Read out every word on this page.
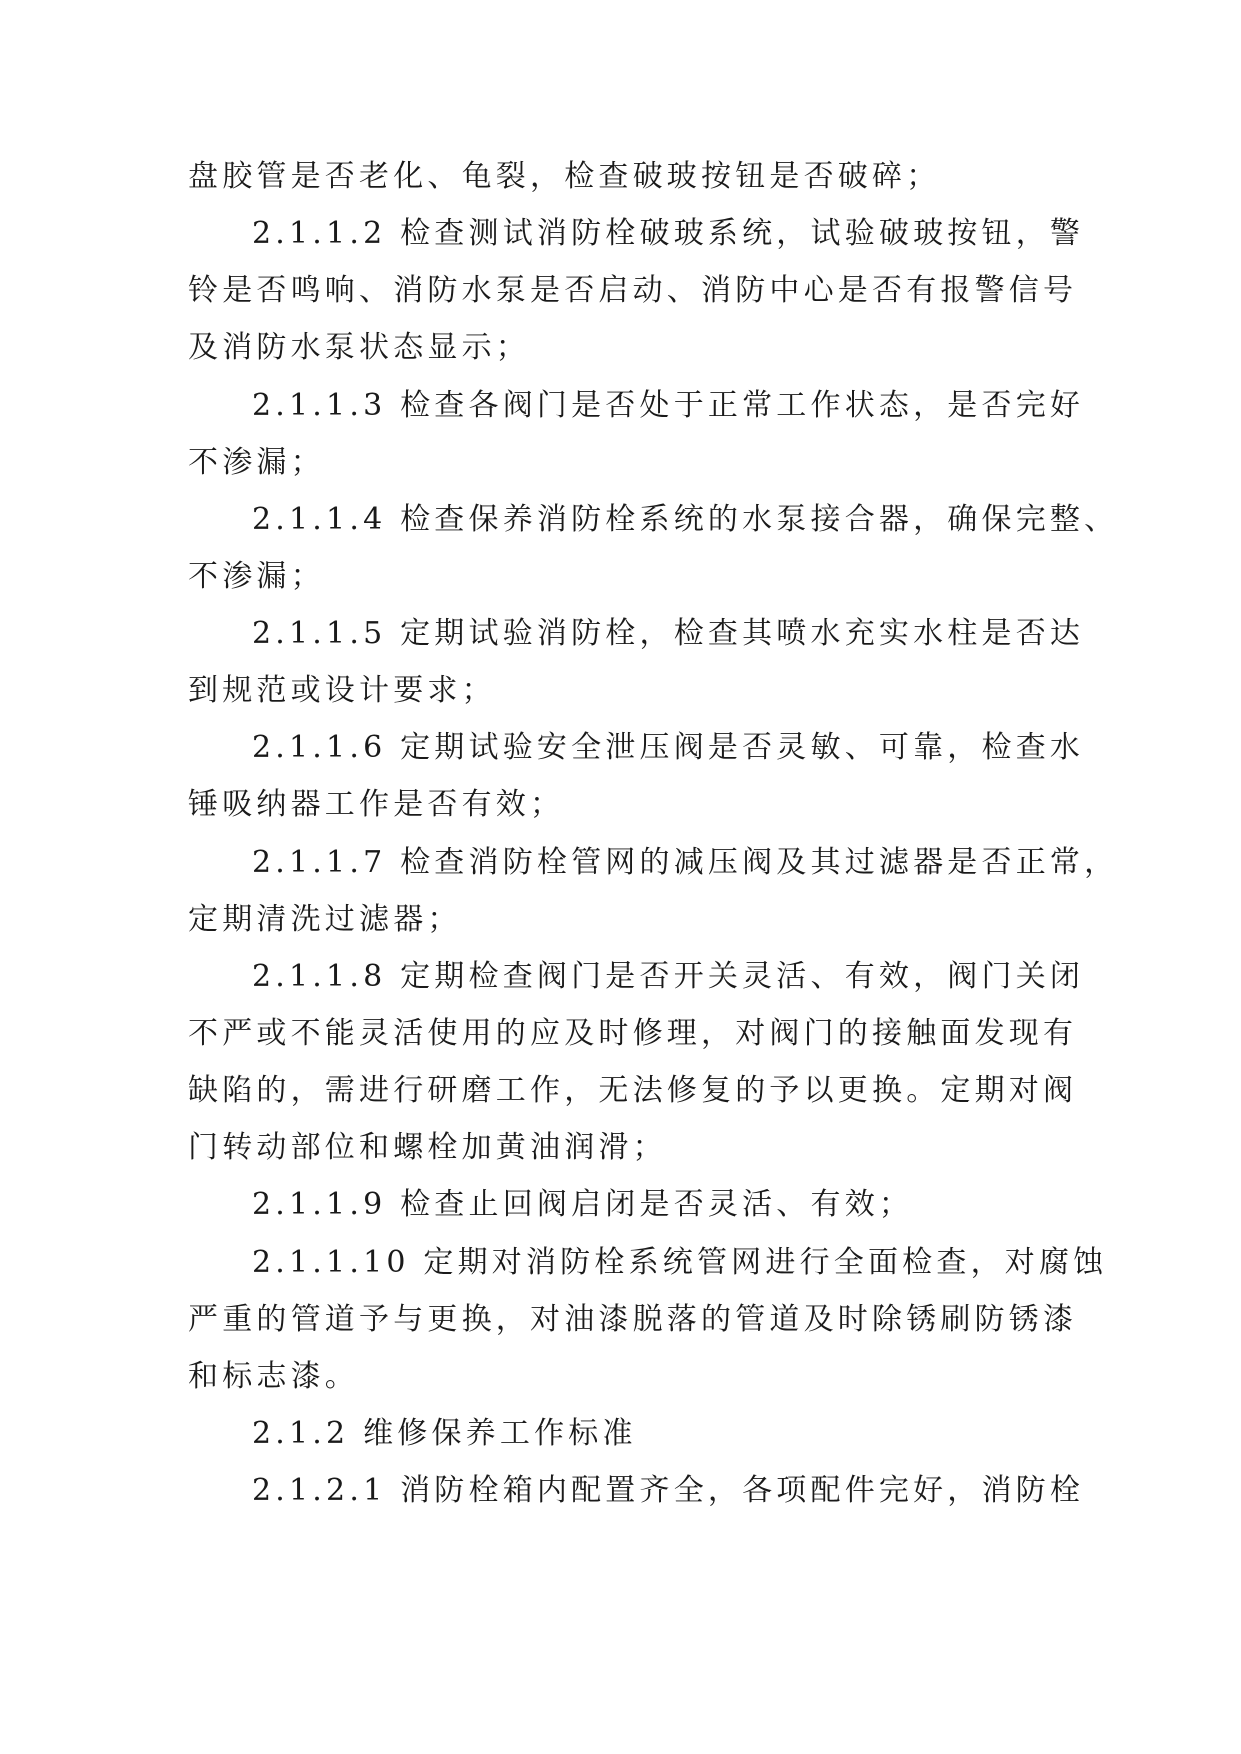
盘胶管是否老化、龟裂，检查破玻按钮是否破碎；
2.1.1.2 检查测试消防栓破玻系统，试验破玻按钮，警
铃是否鸣响、消防水泵是否启动、消防中心是否有报警信号
及消防水泵状态显示；
2.1.1.3 检查各阀门是否处于正常工作状态，是否完好
不渗漏；
2.1.1.4 检查保养消防栓系统的水泵接合器，确保完整、
不渗漏；
2.1.1.5 定期试验消防栓，检查其喷水充实水柱是否达
到规范或设计要求；
2.1.1.6 定期试验安全泄压阀是否灵敏、可靠，检查水
锤吸纳器工作是否有效；
2.1.1.7 检查消防栓管网的减压阀及其过滤器是否正常，
定期清洗过滤器；
2.1.1.8 定期检查阀门是否开关灵活、有效，阀门关闭
不严或不能灵活使用的应及时修理，对阀门的接触面发现有
缺陷的，需进行研磨工作，无法修复的予以更换。定期对阀
门转动部位和螺栓加黄油润滑；
2.1.1.9 检查止回阀启闭是否灵活、有效；
2.1.1.10 定期对消防栓系统管网进行全面检查，对腐蚀
严重的管道予与更换，对油漆脱落的管道及时除锈刷防锈漆
和标志漆。
2.1.2 维修保养工作标准
2.1.2.1 消防栓箱内配置齐全，各项配件完好，消防栓
